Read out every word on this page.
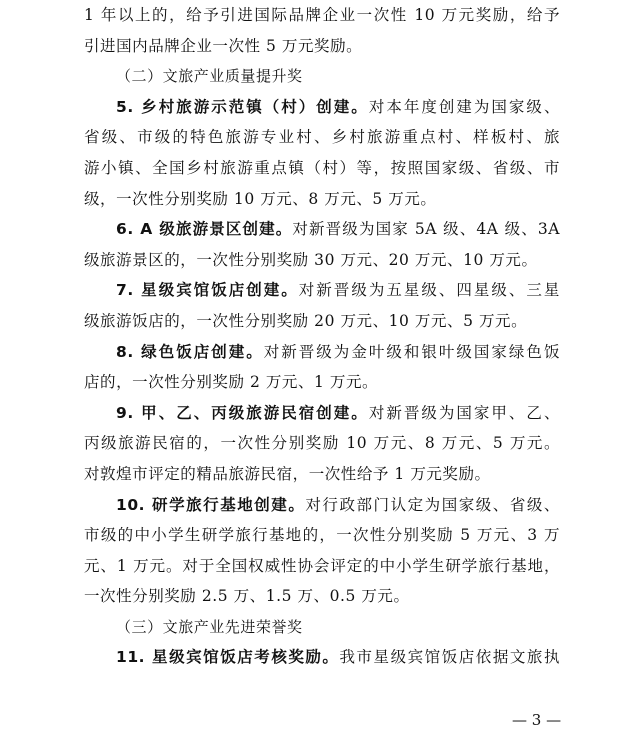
1 年以上的，给予引进国际品牌企业一次性 10 万元奖励，给予
引进国内品牌企业一次性 5 万元奖励。
（二）文旅产业质量提升奖
5. 乡村旅游示范镇（村）创建。对本年度创建为国家级、
省级、市级的特色旅游专业村、乡村旅游重点村、样板村、旅
游小镇、全国乡村旅游重点镇（村）等，按照国家级、省级、市
级，一次性分别奖励 10 万元、8 万元、5 万元。
6. A 级旅游景区创建。对新晋级为国家 5A 级、4A 级、3A
级旅游景区的，一次性分别奖励 30 万元、20 万元、10 万元。
7. 星级宾馆饭店创建。对新晋级为五星级、四星级、三星
级旅游饭店的，一次性分别奖励 20 万元、10 万元、5 万元。
8. 绿色饭店创建。对新晋级为金叶级和银叶级国家绿色饭
店的，一次性分别奖励 2 万元、1 万元。
9. 甲、乙、丙级旅游民宿创建。对新晋级为国家甲、乙、
丙级旅游民宿的，一次性分别奖励 10 万元、8 万元、5 万元。
对敦煌市评定的精品旅游民宿，一次性给予 1 万元奖励。
10. 研学旅行基地创建。对行政部门认定为国家级、省级、
市级的中小学生研学旅行基地的，一次性分别奖励 5 万元、3 万
元、1 万元。对于全国权威性协会评定的中小学生研学旅行基地，
一次性分别奖励 2.5 万、1.5 万、0.5 万元。
（三）文旅产业先进荣誉奖
11. 星级宾馆饭店考核奖励。我市星级宾馆饭店依据文旅执
— 3 —
